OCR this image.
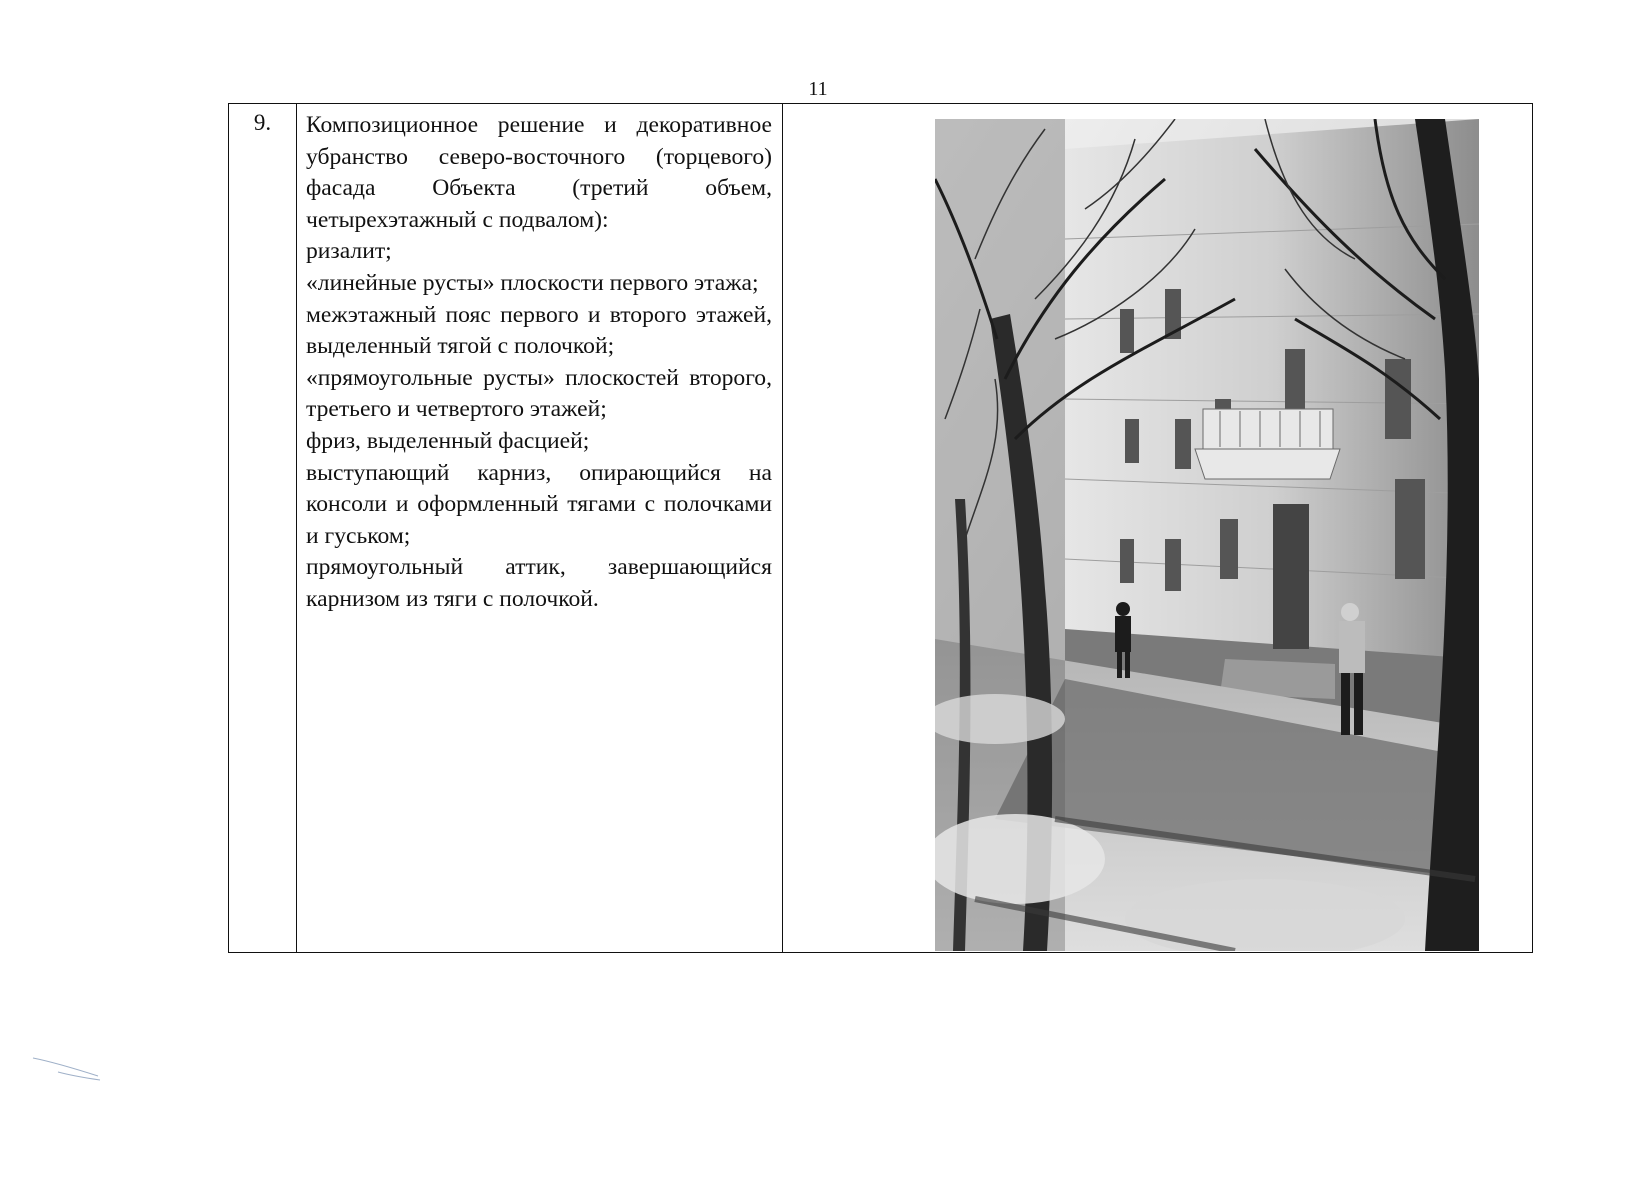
11
9.	Композиционное решение и декоративное убранство северо-восточного (торцевого) фасада Объекта (третий объем, четырехэтажный с подвалом):

ризалит;

«линейные русты» плоскости первого этажа;

межэтажный пояс первого и второго этажей, выделенный тягой с полочкой;

«прямоугольные русты» плоскостей второго, третьего и четвертого этажей;

фриз, выделенный фасцией;

выступающий карниз, опирающийся на консоли и оформленный тягами с полочками и гуськом;

прямоугольный аттик, завершающийся карнизом из тяги с полочкой.
